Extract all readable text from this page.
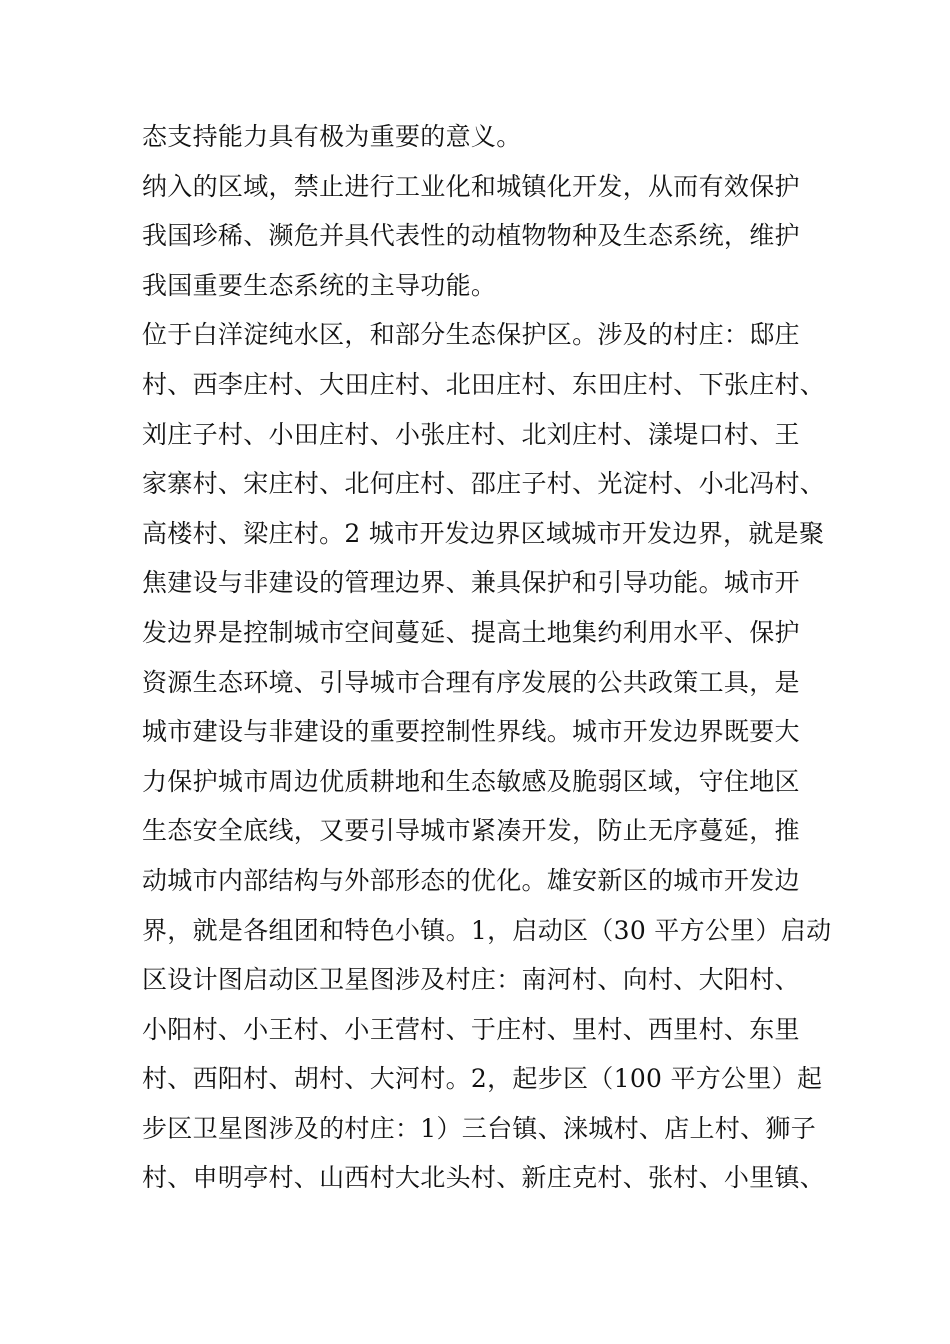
态支持能力具有极为重要的意义。
纳入的区域，禁止进行工业化和城镇化开发，从而有效保护
我国珍稀、濒危并具代表性的动植物物种及生态系统，维护
我国重要生态系统的主导功能。
位于白洋淀纯水区，和部分生态保护区。涉及的村庄：邸庄
村、西李庄村、大田庄村、北田庄村、东田庄村、下张庄村、
刘庄子村、小田庄村、小张庄村、北刘庄村、漾堤口村、王
家寨村、宋庄村、北何庄村、邵庄子村、光淀村、小北冯村、
高楼村、梁庄村。2 城市开发边界区域城市开发边界，就是聚
焦建设与非建设的管理边界、兼具保护和引导功能。城市开
发边界是控制城市空间蔓延、提高土地集约利用水平、保护
资源生态环境、引导城市合理有序发展的公共政策工具，是
城市建设与非建设的重要控制性界线。城市开发边界既要大
力保护城市周边优质耕地和生态敏感及脆弱区域，守住地区
生态安全底线，又要引导城市紧凑开发，防止无序蔓延，推
动城市内部结构与外部形态的优化。雄安新区的城市开发边
界，就是各组团和特色小镇。1，启动区（30 平方公里）启动
区设计图启动区卫星图涉及村庄：南河村、向村、大阳村、
小阳村、小王村、小王营村、于庄村、里村、西里村、东里
村、西阳村、胡村、大河村。2，起步区（100 平方公里）起
步区卫星图涉及的村庄：1）三台镇、涞城村、店上村、狮子
村、申明亭村、山西村大北头村、新庄克村、张村、小里镇、
